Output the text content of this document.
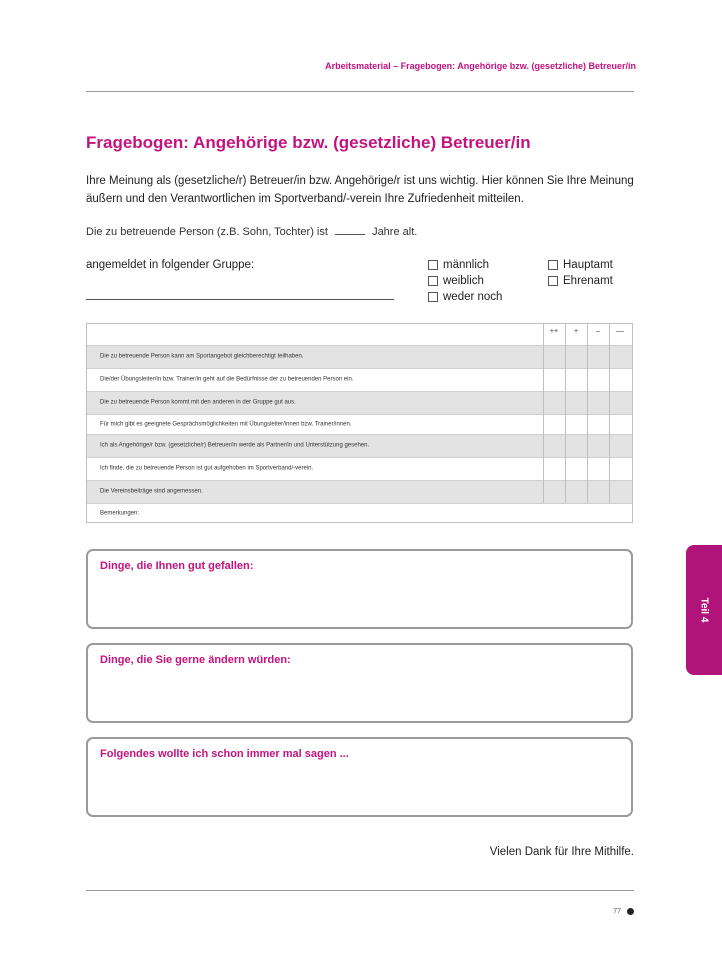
Arbeitsmaterial – Fragebogen: Angehörige bzw. (gesetzliche) Betreuer/in
Fragebogen: Angehörige bzw. (gesetzliche) Betreuer/in
Ihre Meinung als (gesetzliche/r) Betreuer/in bzw. Angehörige/r ist uns wichtig. Hier können Sie Ihre Meinung äußern und den Verantwortlichen im Sportverband/-verein Ihre Zufriedenheit mitteilen.
Die zu betreuende Person (z.B. Sohn, Tochter) ist	Jahre alt.
angemeldet in folgender Gruppe:	männlich
weiblich
weder noch
Hauptamt
Ehrenamt
++	+	–	––
Die zu betreuende Person kann am Sportangebot gleichberechtigt teilhaben.
Die/der Übungsleiter/in bzw. Trainer/in geht auf die Bedürfnisse der zu betreuenden Person ein.
Die zu betreuende Person kommt mit den anderen in der Gruppe gut aus.
Für mich gibt es geeignete Gesprächsmöglichkeiten mit Übungsleiter/innen bzw. Trainer/innen.
Ich als Angehörige/r bzw. (gesetzliche/r) Betreuer/in werde als Partner/in und Unterstützung gesehen.
Ich finde, die zu betreuende Person ist gut aufgehoben im Sportverband/-verein.
Die Vereinsbeiträge sind angemessen.
Bemerkungen:
Dinge, die Ihnen gut gefallen:
Dinge, die Sie gerne ändern würden:
Folgendes wollte ich schon immer mal sagen ...
Vielen Dank für Ihre Mithilfe.
77
Teil 4
